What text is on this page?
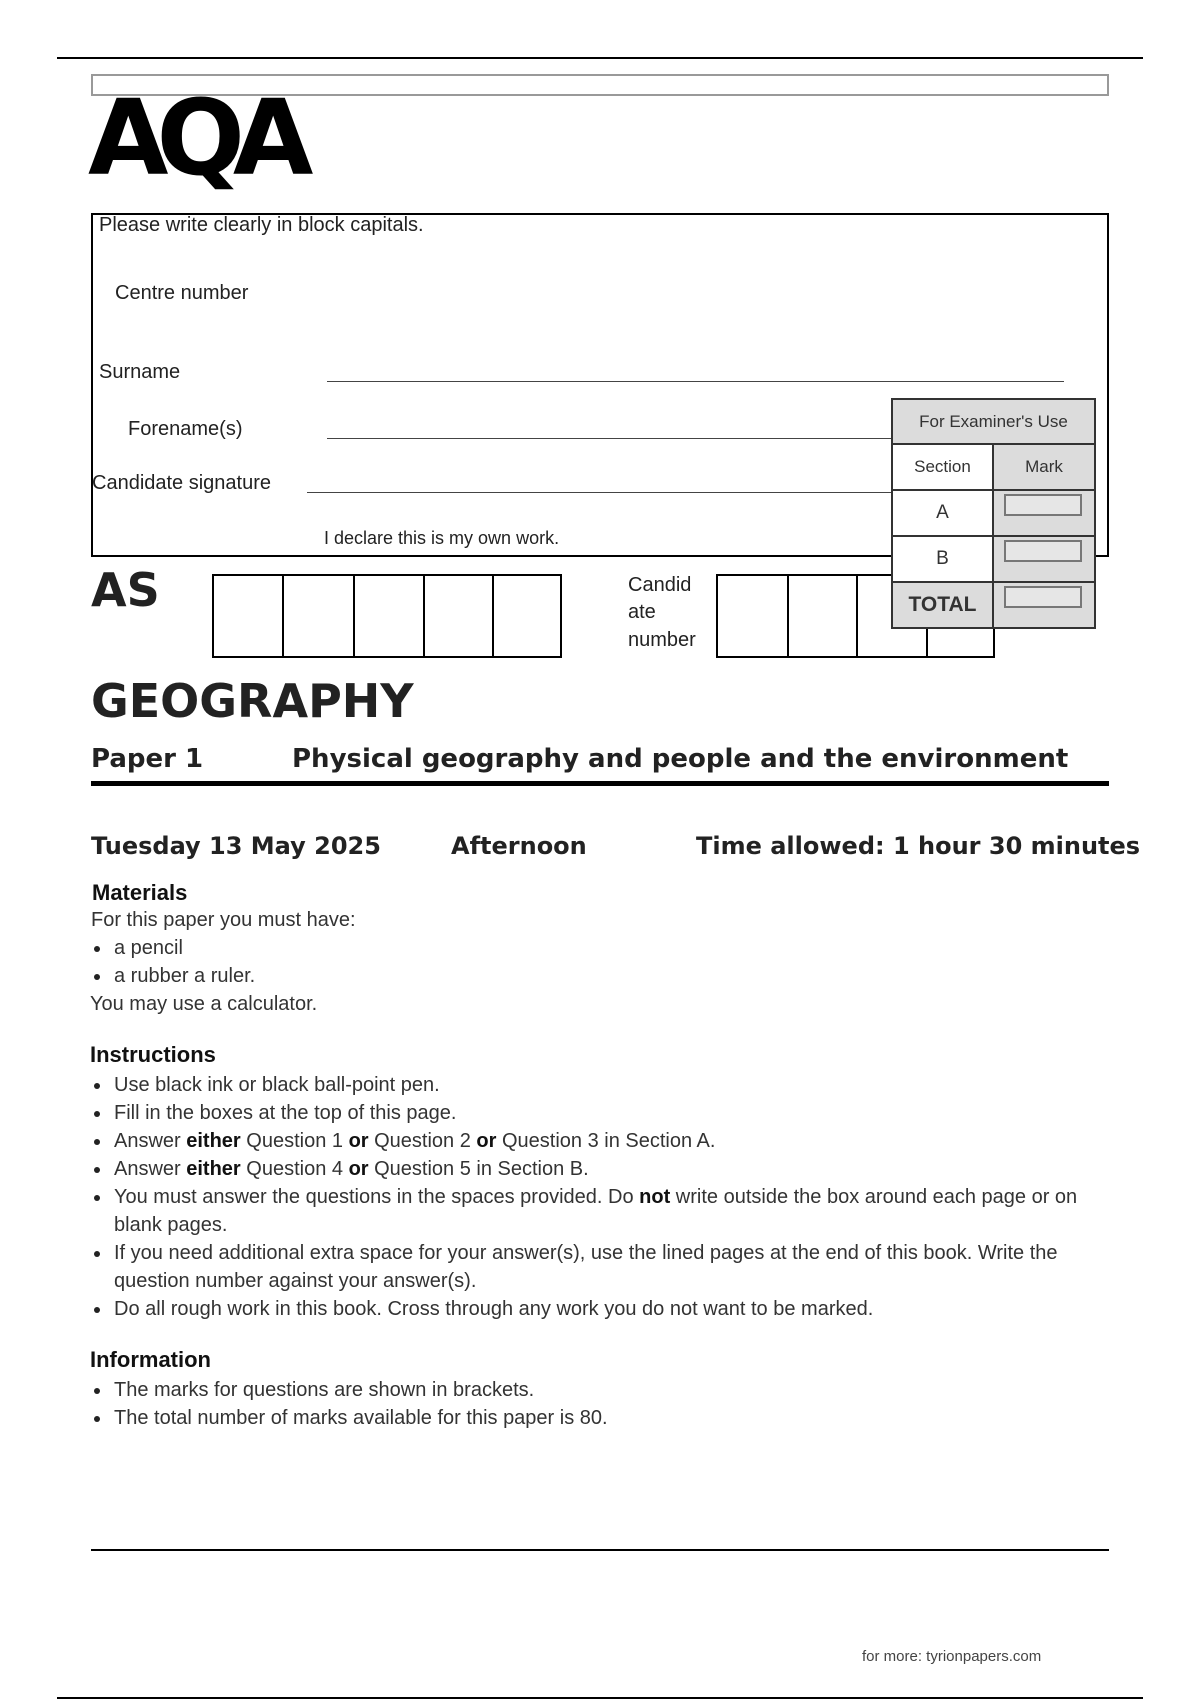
AQA
Please write clearly in block capitals.
Centre number
Surname
Forename(s)
Candidate signature
I declare this is my own work.
AS	Candid
ate
number
For Examiner's Use
Section	Mark
A
B
TOTAL
GEOGRAPHY
Paper 1	Physical geography and people and the environment
Tuesday 13 May 2025	Afternoon	Time allowed: 1 hour 30 minutes
Materials
For this paper you must have:
a pencil
a rubber a ruler.
You may use a calculator.
Instructions
Use black ink or black ball-point pen.
Fill in the boxes at the top of this page.
Answer either Question 1 or Question 2 or Question 3 in Section A.
Answer either Question 4 or Question 5 in Section B.
You must answer the questions in the spaces provided. Do not write outside the box around each page or on blank pages.
If you need additional extra space for your answer(s), use the lined pages at the end of this book. Write the question number against your answer(s).
Do all rough work in this book. Cross through any work you do not want to be marked.
Information
The marks for questions are shown in brackets.
The total number of marks available for this paper is 80.
for more: tyrionpapers.com
